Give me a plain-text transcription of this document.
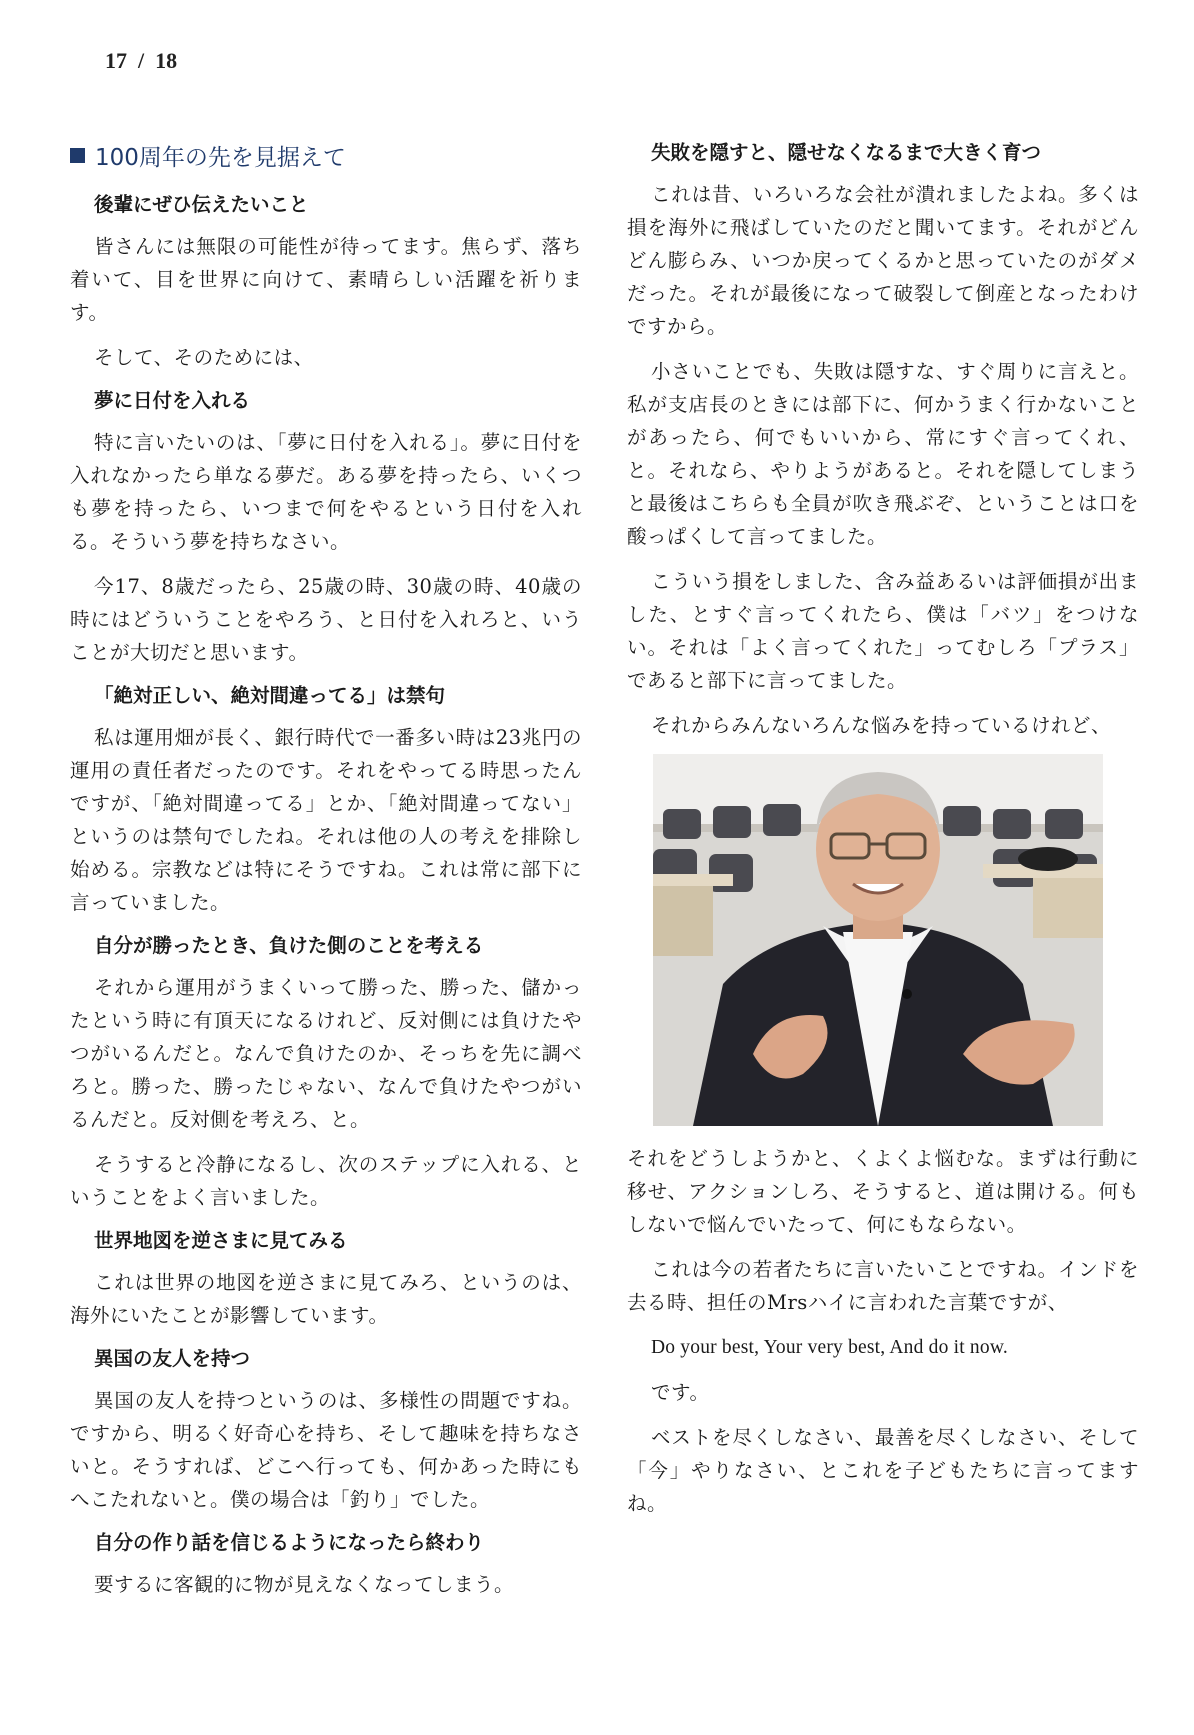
17  /  18
100周年の先を見据えて
後輩にぜひ伝えたいこと

皆さんには無限の可能性が待ってます。焦らず、落ち着いて、目を世界に向けて、素晴らしい活躍を祈ります。

そして、そのためには、

夢に日付を入れる

特に言いたいのは、「夢に日付を入れる」。夢に日付を入れなかったら単なる夢だ。ある夢を持ったら、いくつも夢を持ったら、いつまで何をやるという日付を入れる。そういう夢を持ちなさい。

今17、8歳だったら、25歳の時、30歳の時、40歳の時にはどういうことをやろう、と日付を入れろと、いうことが大切だと思います。

「絶対正しい、絶対間違ってる」は禁句

私は運用畑が長く、銀行時代で一番多い時は23兆円の運用の責任者だったのです。それをやってる時思ったんですが、「絶対間違ってる」とか、「絶対間違ってない」というのは禁句でしたね。それは他の人の考えを排除し始める。宗教などは特にそうですね。これは常に部下に言っていました。

自分が勝ったとき、負けた側のことを考える

それから運用がうまくいって勝った、勝った、儲かったという時に有頂天になるけれど、反対側には負けたやつがいるんだと。なんで負けたのか、そっちを先に調べろと。勝った、勝ったじゃない、なんで負けたやつがいるんだと。反対側を考えろ、と。

そうすると冷静になるし、次のステップに入れる、ということをよく言いました。

世界地図を逆さまに見てみる

これは世界の地図を逆さまに見てみろ、というのは、海外にいたことが影響しています。

異国の友人を持つ

異国の友人を持つというのは、多様性の問題ですね。ですから、明るく好奇心を持ち、そして趣味を持ちなさいと。そうすれば、どこへ行っても、何かあった時にもへこたれないと。僕の場合は「釣り」でした。

自分の作り話を信じるようになったら終わり

要するに客観的に物が見えなくなってしまう。

失敗を隠すと、隠せなくなるまで大きく育つ

これは昔、いろいろな会社が潰れましたよね。多くは損を海外に飛ばしていたのだと聞いてます。それがどんどん膨らみ、いつか戻ってくるかと思っていたのがダメだった。それが最後になって破裂して倒産となったわけですから。

小さいことでも、失敗は隠すな、すぐ周りに言えと。私が支店長のときには部下に、何かうまく行かないことがあったら、何でもいいから、常にすぐ言ってくれ、と。それなら、やりようがあると。それを隠してしまうと最後はこちらも全員が吹き飛ぶぞ、ということは口を酸っぱくして言ってました。

こういう損をしました、含み益あるいは評価損が出ました、とすぐ言ってくれたら、僕は「バツ」をつけない。それは「よく言ってくれた」ってむしろ「プラス」であると部下に言ってました。

それからみんないろんな悩みを持っているけれど、

それをどうしようかと、くよくよ悩むな。まずは行動に移せ、アクションしろ、そうすると、道は開ける。何もしないで悩んでいたって、何にもならない。

これは今の若者たちに言いたいことですね。インドを去る時、担任のMrsハイに言われた言葉ですが、

Do your best, Your very best, And do it now.

です。

ベストを尽くしなさい、最善を尽くしなさい、そして「今」やりなさい、とこれを子どもたちに言ってますね。
